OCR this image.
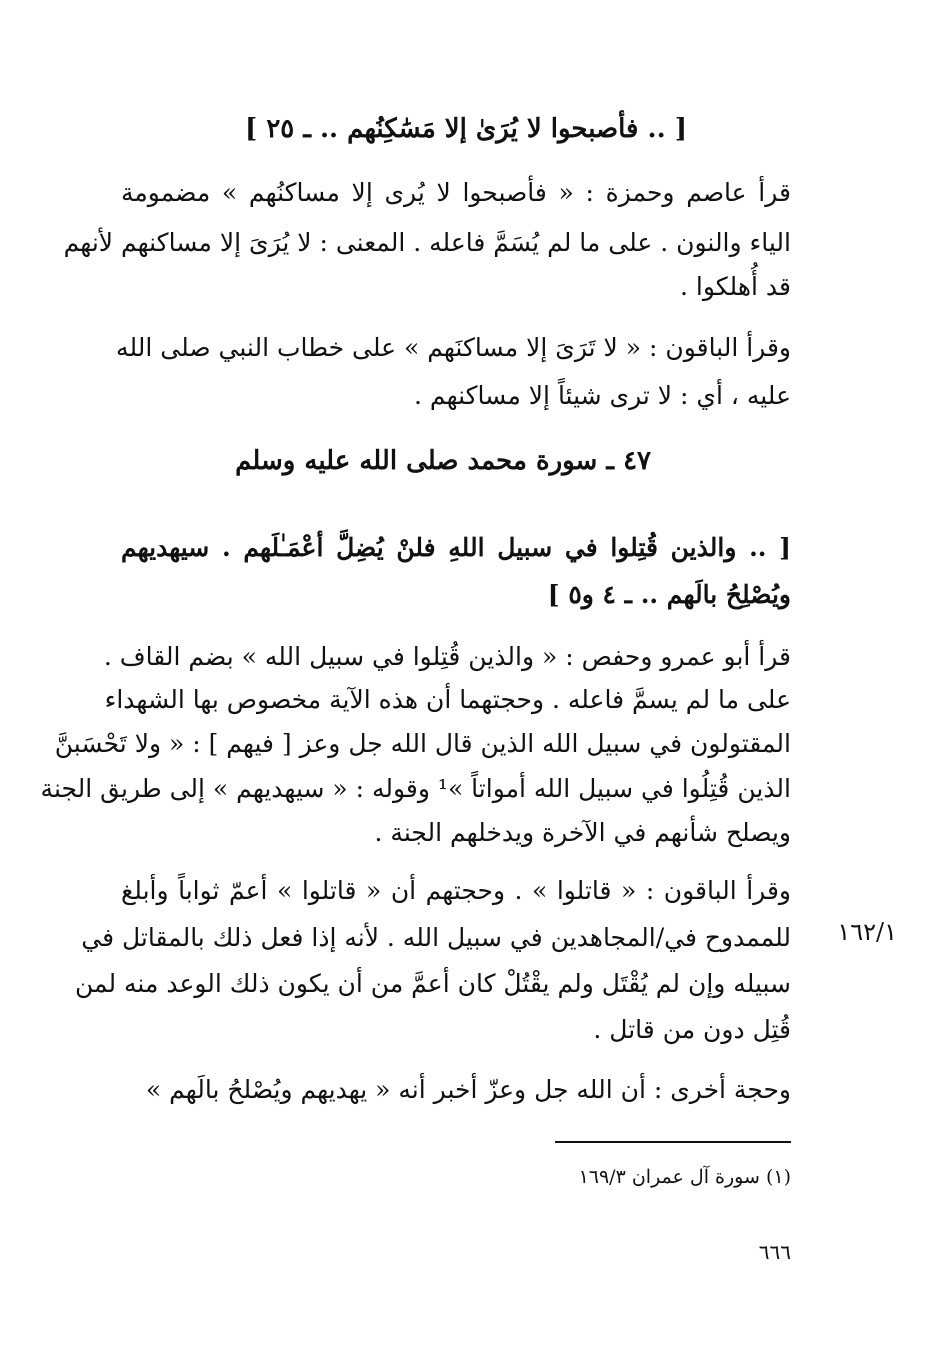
[ .. فأصبحوا لا يُرَىٰ إلا مَسَٰكِنُهم .. ـ ٢٥ ]
قرأ عاصم وحمزة : « فأصبحوا لا يُرى إلا مساكنُهم » مضمومة
الياء والنون . على ما لم يُسَمَّ فاعله . المعنى : لا يُرَىَ إلا مساكنهم لأنهم
قد أُهلكوا .
وقرأ الباقون : « لا تَرَىَ إلا مساكنَهم » على خطاب النبي صلى الله
عليه ، أي : لا ترى شيئاً إلا مساكنهم .
٤٧ ـ سورة محمد صلى الله عليه وسلم
[ .. والذين قُتِلوا في سبيل اللهِ فلنْ يُضِلَّ أعْمَـٰلَهم . سيهديهم
ويُصْلِحُ بالَهم .. ـ ٤ و٥ ]
قرأ أبو عمرو وحفص : « والذين قُتِلوا في سبيل الله » بضم القاف .
على ما لم يسمَّ فاعله . وحجتهما أن هذه الآية مخصوص بها الشهداء
المقتولون في سبيل الله الذين قال الله جل وعز [ فيهم ] : « ولا تَحْسَبنَّ
الذين قُتِلُوا في سبيل الله أمواتاً »¹ وقوله : « سيهديهم » إلى طريق الجنة
ويصلح شأنهم في الآخرة ويدخلهم الجنة .
وقرأ الباقون : « قاتلوا » . وحجتهم أن « قاتلوا » أعمّ ثواباً وأبلغ
للممدوح في/المجاهدين في سبيل الله . لأنه إذا فعل ذلك بالمقاتل في
سبيله وإن لم يُقْتَل ولم يقْتُلْ كان أعمَّ من أن يكون ذلك الوعد منه لمن
قُتِل دون من قاتل .
وحجة أخرى : أن الله جل وعزّ أخبر أنه « يهديهم ويُصْلحُ بالَهم »
١٦٢/١
(١) سورة آل عمران ١٦٩/٣
٦٦٦
